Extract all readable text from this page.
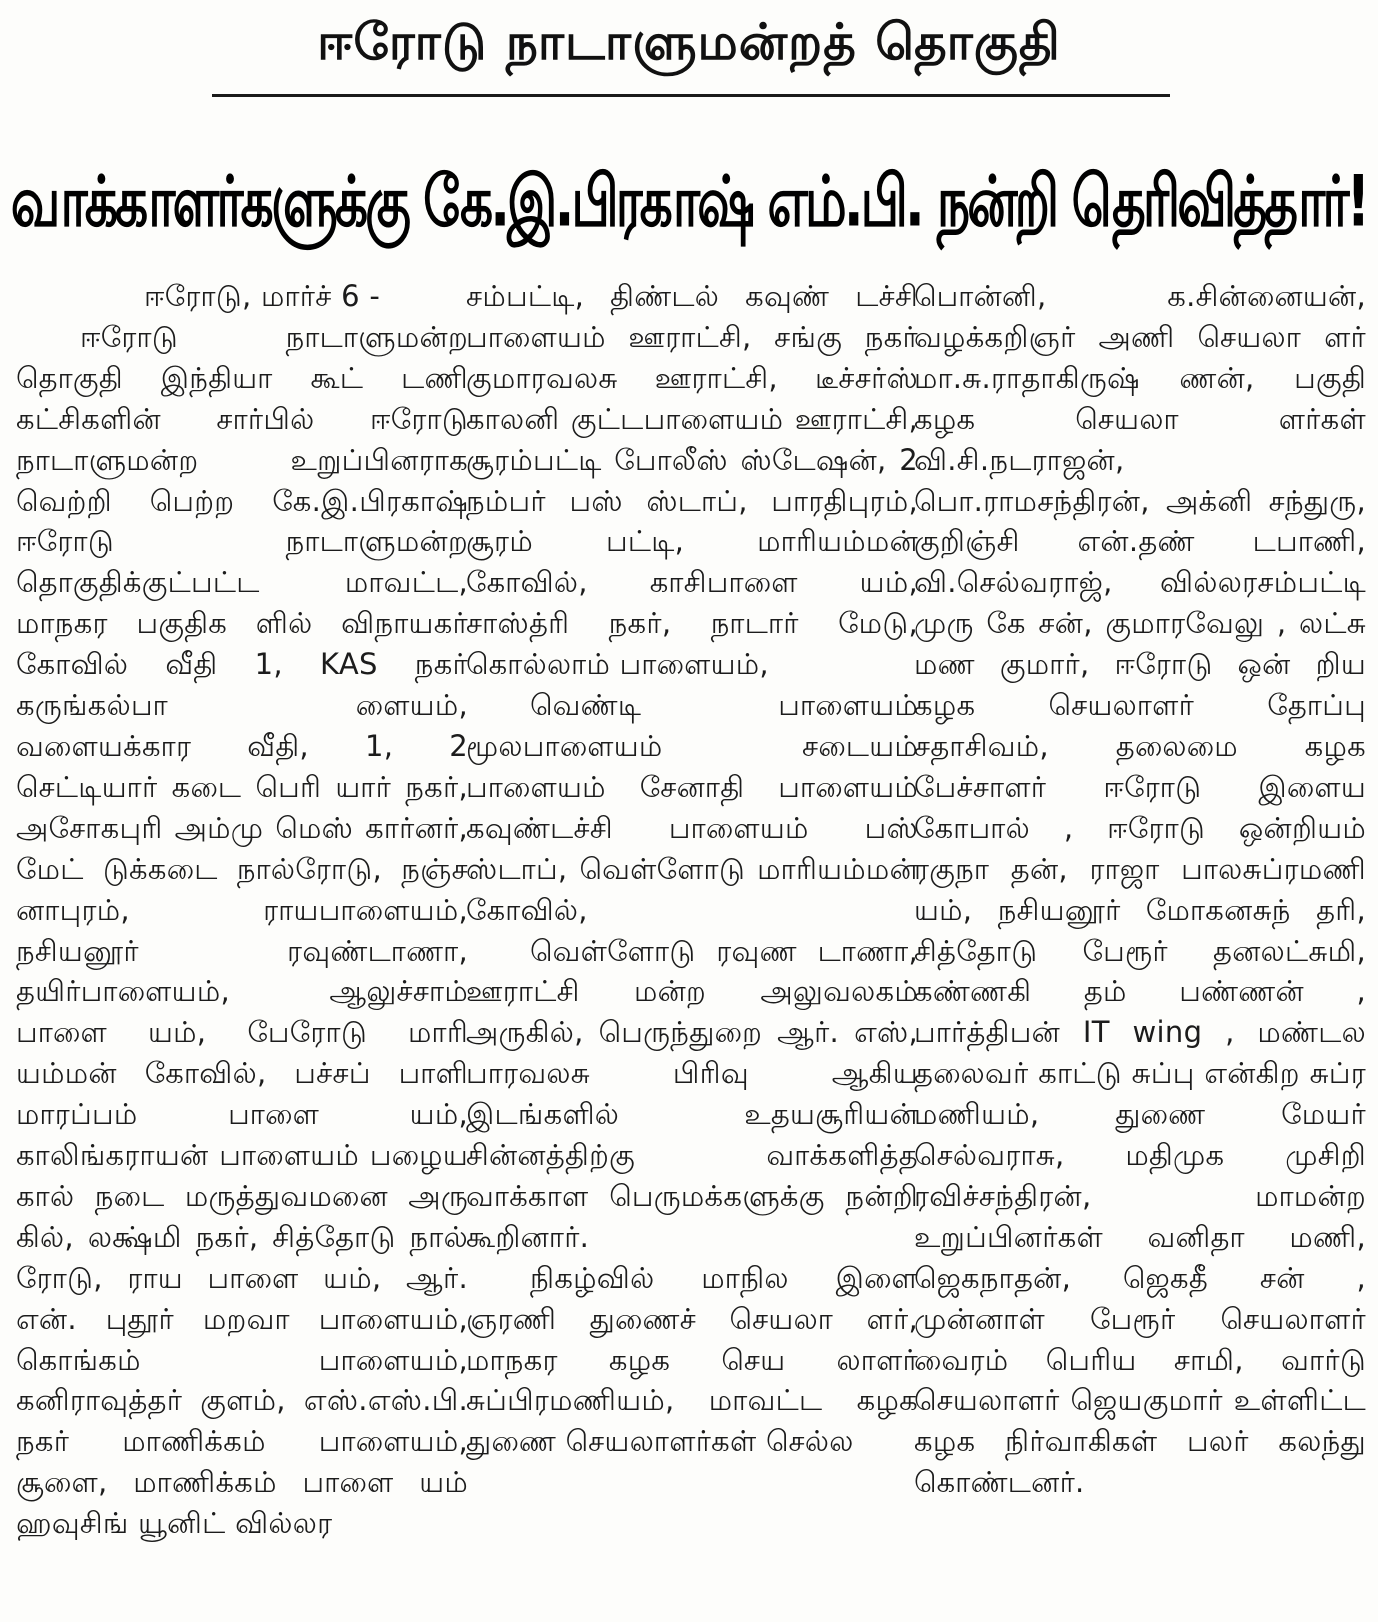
ஈரோடு நாடாளுமன்றத் தொகுதி
வாக்காளர்களுக்கு கே.இ.பிரகாஷ் எம்.பி. நன்றி தெரிவித்தார்!

ஈரோடு, மார்ச் 6 -

ஈரோடு நாடாளுமன்ற தொகுதி இந்தியா கூட் டணி கட்சிகளின் சார்பில் ஈரோடு நாடாளுமன்ற உறுப்பினராக வெற்றி பெற்ற கே.இ.பிரகாஷ் ஈரோடு நாடாளுமன்ற தொகுதிக்குட்பட்ட மாவட்ட, மாநகர பகுதிக ளில் விநாயகர் கோவில் வீதி 1, KAS நகர் கருங்கல்பா ளையம், வளையக்கார வீதி, 1, 2 செட்டியார் கடை பெரி யார் நகர், அசோகபுரி அம்மு மெஸ் கார்னர், மேட் டுக்கடை நால்ரோடு, நஞ்ச னாபுரம், ராயபாளையம், நசியனூர் ரவுண்டாணா, தயிர்பாளையம், ஆலுச்சாம் பாளை யம், பேரோடு மாரி யம்மன் கோவில், பச்சப் பாளி மாரப்பம் பாளை யம், காலிங்கராயன் பாளையம் பழைய கால் நடை மருத்துவமனை அரு கில், லக்ஷ்மி நகர், சித்தோடு நால் ரோடு, ராய பாளை யம், ஆர். என். புதூர் மறவா பாளையம், கொங்கம் பாளையம், கனிராவுத்தர் குளம், எஸ்.எஸ்.பி. நகர் மாணிக்கம் பாளையம், சூளை, மாணிக்கம் பாளை யம் ஹவுசிங் யூனிட் வில்லர

சம்பட்டி, திண்டல் கவுண் டச்சி பாளையம் ஊராட்சி, சங்கு நகர் குமாரவலசு ஊராட்சி, டீச்சர்ஸ் காலனி குட்டபாளையம் ஊராட்சி, சூரம்பட்டி போலீஸ் ஸ்டேஷன், 2 நம்பர் பஸ் ஸ்டாப், பாரதிபுரம், சூரம் பட்டி, மாரியம்மன் கோவில், காசிபாளை யம், சாஸ்த்ரி நகர், நாடார் மேடு, கொல்லாம் பாளையம்,

வெண்டி பாளையம் மூலபாளையம் சடையம் பாளையம் சேனாதி பாளையம் கவுண்டச்சி பாளையம் பஸ் ஸ்டாப், வெள்ளோடு மாரியம்மன் கோவில்,

வெள்ளோடு ரவுண டாணா, ஊராட்சி மன்ற அலுவலகம் அருகில், பெருந்துறை ஆர். எஸ், பாரவலசு பிரிவு ஆகிய இடங்களில் உதயசூரியன் சின்னத்திற்கு வாக்களித்த வாக்காள பெருமக்களுக்கு நன்றி கூறினார்.

நிகழ்வில் மாநில இளை ஞரணி துணைச் செயலா ளர், மாநகர கழக செய லாளர் சுப்பிரமணியம், மாவட்ட கழக துணை செயலாளர்கள் செல்ல

பொன்னி, க.சின்னையன், வழக்கறிஞர் அணி செயலா ளர் மா.சு.ராதாகிருஷ் ணன், பகுதி கழக செயலா ளர்கள் வி.சி.நடராஜன், பொ.ராமசந்திரன், அக்னி சந்துரு, குறிஞ்சி என்.தண் டபாணி, வி.செல்வராஜ், வில்லரசம்பட்டி முரு கே சன், குமாரவேலு , லட்சு மண குமார், ஈரோடு ஒன் றிய கழக செயலாளர் தோப்பு சதாசிவம், தலைமை கழக பேச்சாளர் ஈரோடு இளைய கோபால் , ஈரோடு ஒன்றியம் ரகுநா தன், ராஜா பாலசுப்ரமணி யம், நசியனூர் மோகனசுந் தரி, சித்தோடு பேரூர் தனலட்சுமி, கண்ணகி தம் பண்ணன் , பார்த்திபன் IT wing , மண்டல தலைவர் காட்டு சுப்பு என்கிற சுப்ர மணியம், துணை மேயர் செல்வராசு, மதிமுக முசிறி ரவிச்சந்திரன், மாமன்ற உறுப்பினர்கள் வனிதா மணி, ஜெகநாதன், ஜெகதீ சன் , முன்னாள் பேரூர் செயலாளர் வைரம் பெரிய சாமி, வார்டு செயலாளர் ஜெயகுமார் உள்ளிட்ட கழக நிர்வாகிகள் பலர் கலந்து கொண்டனர்.
